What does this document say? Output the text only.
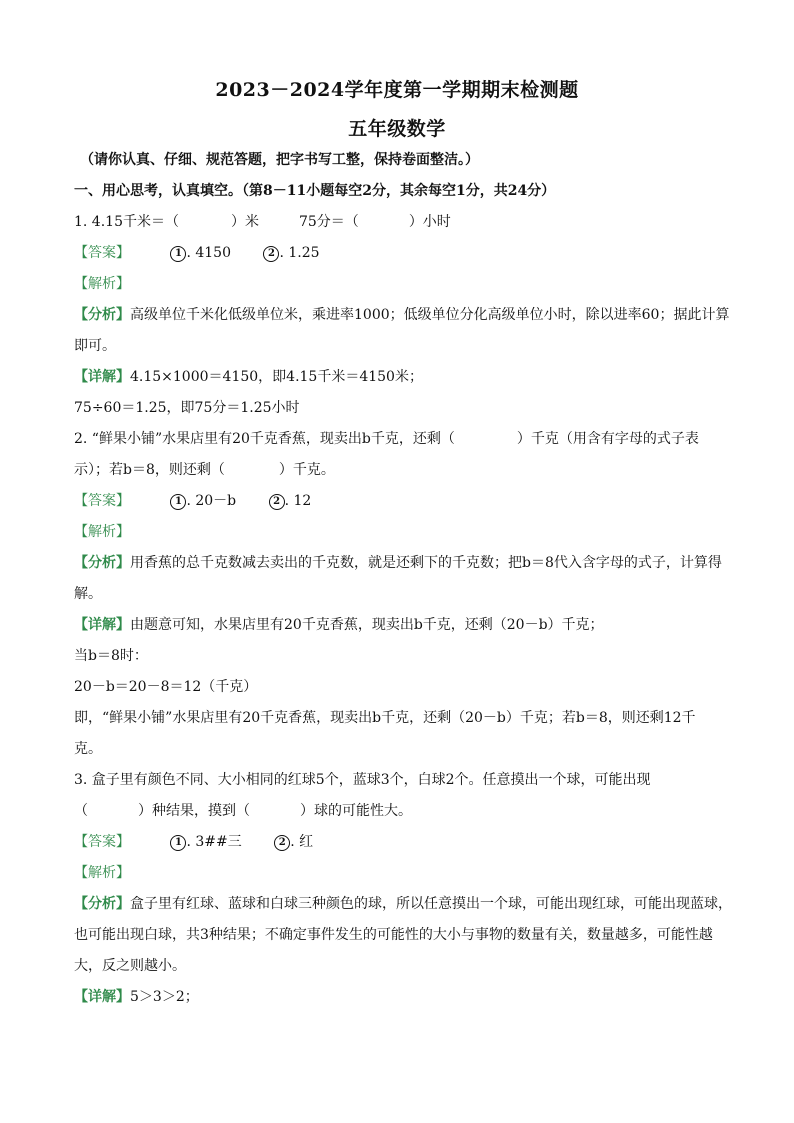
2023－2024学年度第一学期期末检测题
五年级数学
（请你认真、仔细、规范答题，把字书写工整，保持卷面整洁。）
一、用心思考，认真填空。（第8－11小题每空2分，其余每空1分，共24分）
1. 4.15千米＝（	）米	75分＝（	）小时
【答案】	1 . 4150	2 . 1.25
【解析】
【分析】高级单位千米化低级单位米，乘进率1000；低级单位分化高级单位小时，除以进率60；据此计算
即可。
【详解】4.15×1000＝4150，即4.15千米＝4150米；
75÷60＝1.25，即75分＝1.25小时
2. “鲜果小铺”水果店里有20千克香蕉，现卖出b千克，还剩（	）千克（用含有字母的式子表
示）；若b＝8，则还剩（	）千克。
【答案】	1 . 20－b	2 . 12
【解析】
【分析】用香蕉的总千克数减去卖出的千克数，就是还剩下的千克数；把b＝8代入含字母的式子，计算得
解。
【详解】由题意可知，水果店里有20千克香蕉，现卖出b千克，还剩（20－b）千克；
当b＝8时：
20－b＝20－8＝12（千克）
即，“鲜果小铺”水果店里有20千克香蕉，现卖出b千克，还剩（20－b）千克；若b＝8，则还剩12千
克。
3. 盒子里有颜色不同、大小相同的红球5个，蓝球3个，白球2个。任意摸出一个球，可能出现
（	）种结果，摸到（	）球的可能性大。
【答案】	1 . 3##三	2 . 红
【解析】
【分析】盒子里有红球、蓝球和白球三种颜色的球，所以任意摸出一个球，可能出现红球，可能出现蓝球，
也可能出现白球，共3种结果；不确定事件发生的可能性的大小与事物的数量有关，数量越多，可能性越
大，反之则越小。
【详解】5＞3＞2；
